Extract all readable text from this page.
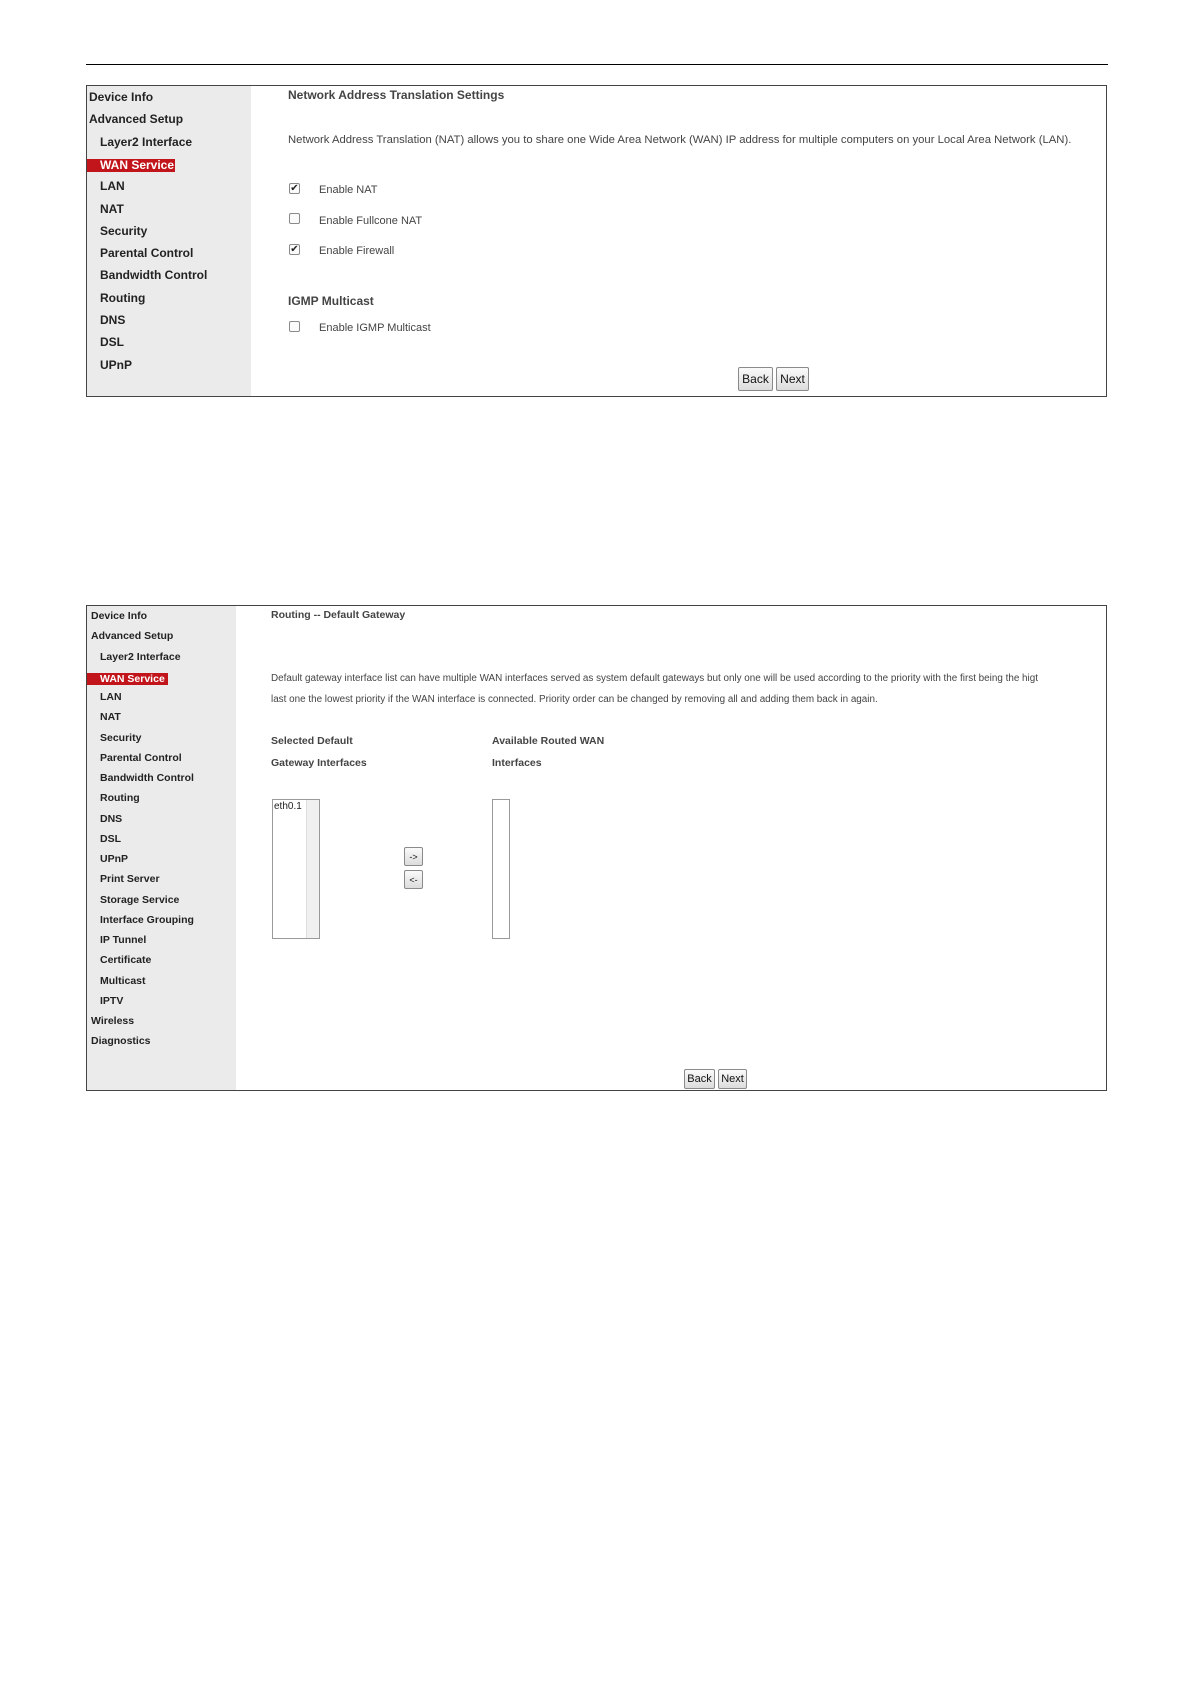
Device Info
Advanced Setup
Layer2 Interface
WAN Service
LAN
NAT
Security
Parental Control
Bandwidth Control
Routing
DNS
DSL
UPnP
Network Address Translation Settings
Network Address Translation (NAT) allows you to share one Wide Area Network (WAN) IP address for multiple computers on your Local Area Network (LAN).
✔ Enable NAT
Enable Fullcone NAT
✔ Enable Firewall
IGMP Multicast
Enable IGMP Multicast
Back Next
Device Info
Advanced Setup
Layer2 Interface
WAN Service
LAN
NAT
Security
Parental Control
Bandwidth Control
Routing
DNS
DSL
UPnP
Print Server
Storage Service
Interface Grouping
IP Tunnel
Certificate
Multicast
IPTV
Wireless
Diagnostics
Routing -- Default Gateway
Default gateway interface list can have multiple WAN interfaces served as system default gateways but only one will be used according to the priority with the first being the higt
last one the lowest priority if the WAN interface is connected. Priority order can be changed by removing all and adding them back in again.
Selected Default
Gateway Interfaces
Available Routed WAN
Interfaces
eth0.1
->
<-
Back Next
